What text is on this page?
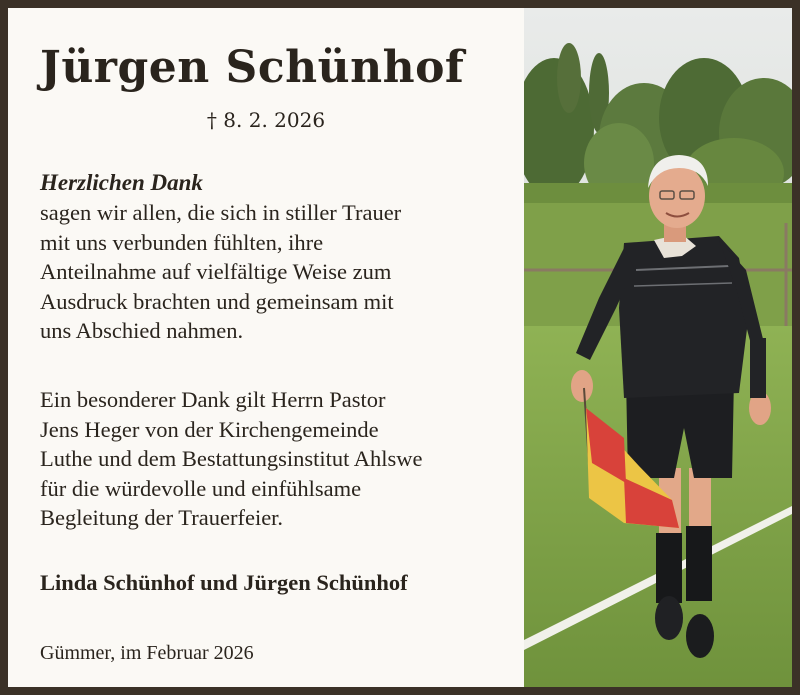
Jürgen Schünhof
† 8. 2. 2026
Herzlichen Dank

sagen wir allen, die sich in stiller Trauer
mit uns verbunden fühlten, ihre
Anteilnahme auf vielfältige Weise zum
Ausdruck brachten und gemeinsam mit
uns Abschied nahmen.

Ein besonderer Dank gilt Herrn Pastor
Jens Heger von der Kirchengemeinde
Luthe und dem Bestattungsinstitut Ahlswe
für die würdevolle und einfühlsame
Begleitung der Trauerfeier.

Linda Schünhof und Jürgen Schünhof
Gümmer, im Februar 2026
